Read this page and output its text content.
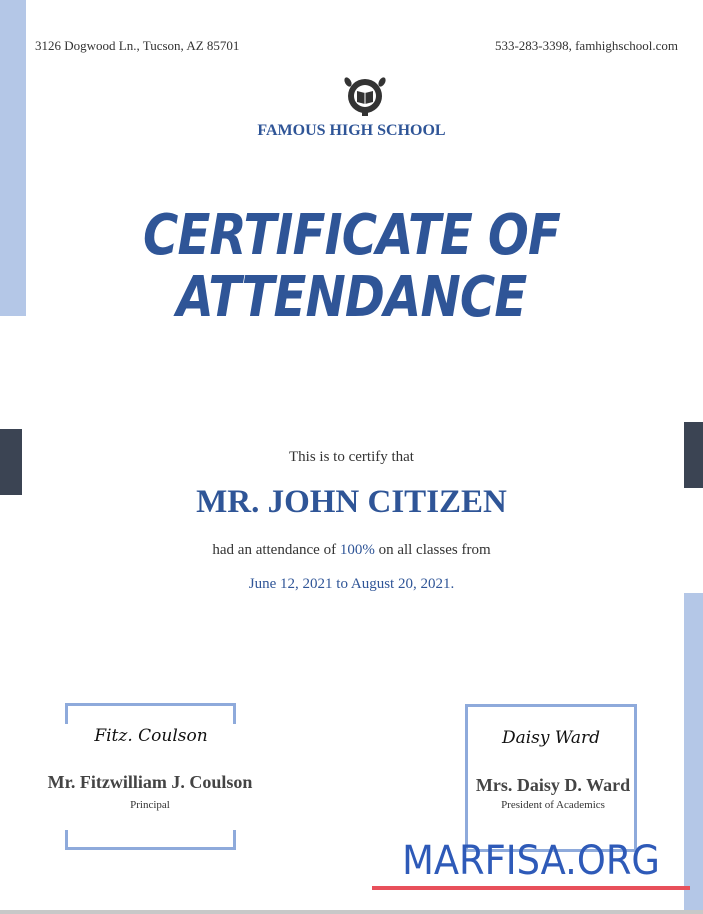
3126 Dogwood Ln., Tucson, AZ 85701	533-283-3398, famhighschool.com
FAMOUS HIGH SCHOOL
CERTIFICATE OF
ATTENDANCE
This is to certify that
MR. JOHN CITIZEN
had an attendance of 100% on all classes from
June 12, 2021 to August 20, 2021.
Fitz. Coulson
Mr. Fitzwilliam J. Coulson
Principal
Daisy Ward
Mrs. Daisy D. Ward
President of Academics
MARFISA.ORG
